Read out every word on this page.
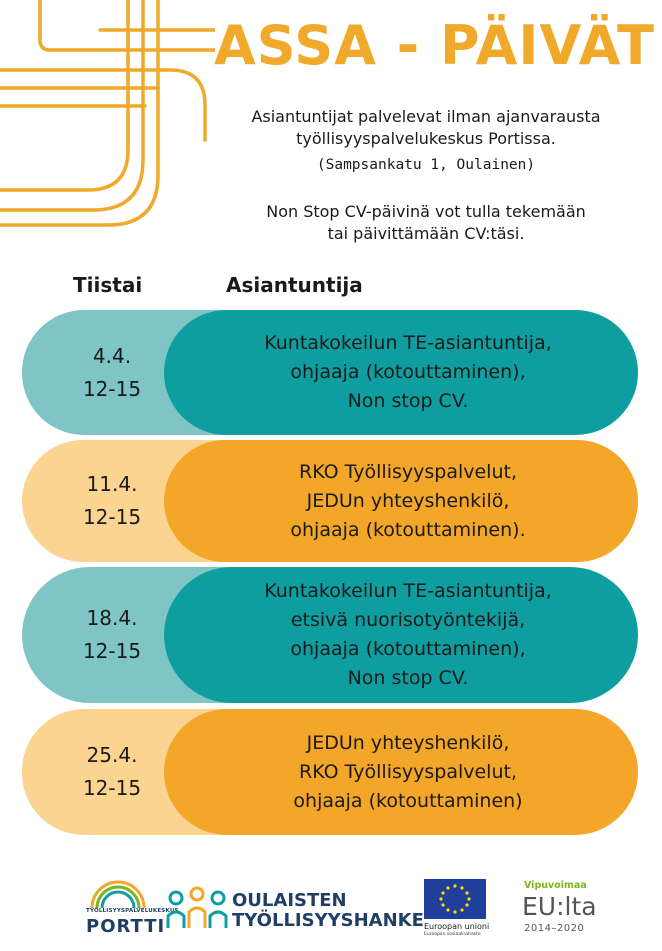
ASSA - PÄIVÄT
Asiantuntijat palvelevat ilman ajanvarausta
työllisyyspalvelukeskus Portissa.
(Sampsankatu 1, Oulainen)
Non Stop CV-päivinä vot tulla tekemään
tai päivittämään CV:täsi.
Tiistai	Asiantuntija
4.4.
12-15
Kuntakokeilun TE-asiantuntija,
ohjaaja (kotouttaminen),
Non stop CV.
11.4.
12-15
RKO Työllisyyspalvelut,
JEDUn yhteyshenkilö,
ohjaaja (kotouttaminen).
18.4.
12-15
Kuntakokeilun TE-asiantuntija,
etsivä nuorisotyöntekijä,
ohjaaja (kotouttaminen),
Non stop CV.
25.4.
12-15
JEDUn yhteyshenkilö,
RKO Työllisyyspalvelut,
ohjaaja (kotouttaminen)
TYÖLLISYYSPALVELUKESKUS
PORTTI
OULAISTEN
TYÖLLISYYSHANKE Euroopan unioni
Euroopan sosiaalirahasto
Vipuvoimaa
EU:lta
2014–2020
